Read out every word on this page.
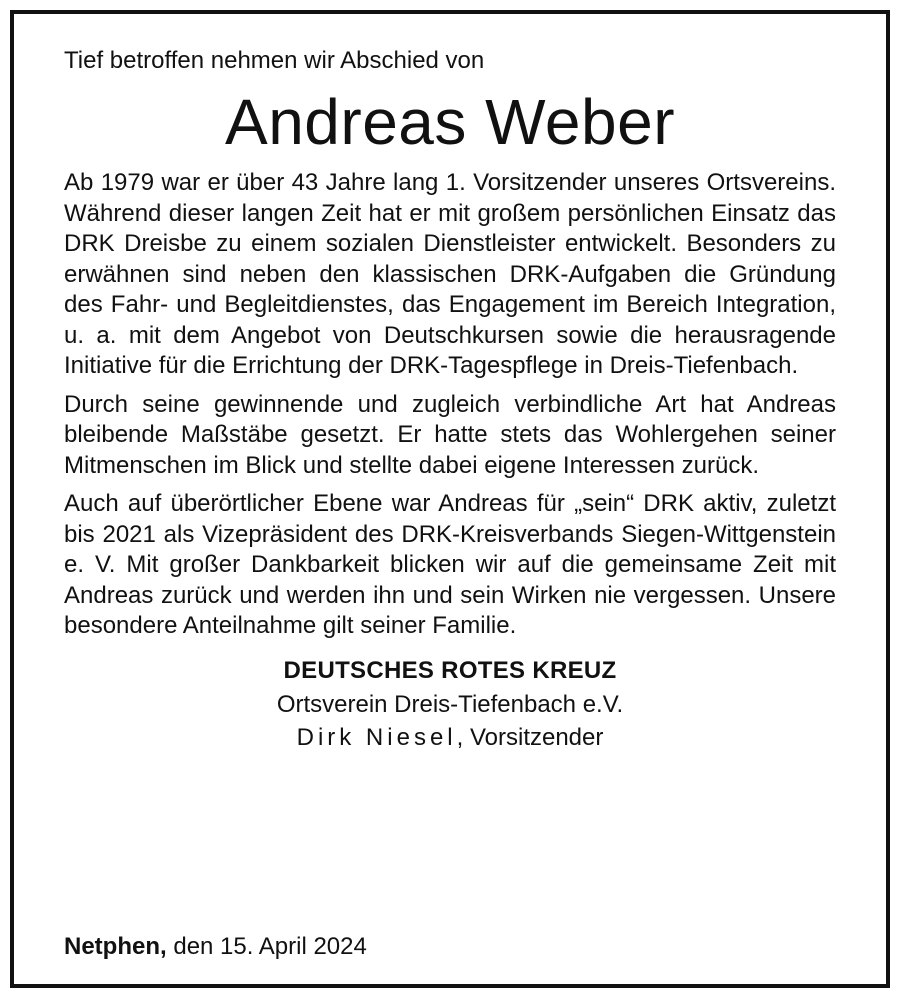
Tief betroffen nehmen wir Abschied von

Andreas Weber

Ab 1979 war er über 43 Jahre lang 1. Vorsitzender unseres Ortsvereins. Während dieser langen Zeit hat er mit großem persönlichen Einsatz das DRK Dreisbe zu einem sozialen Dienstleister entwickelt. Besonders zu erwähnen sind neben den klassischen DRK-Aufgaben die Gründung des Fahr- und Begleitdienstes, das Engagement im Bereich Integration, u. a. mit dem Angebot von Deutschkursen sowie die herausragende Initiative für die Errichtung der DRK-Tagespflege in Dreis-Tiefenbach.

Durch seine gewinnende und zugleich verbindliche Art hat Andreas bleibende Maßstäbe gesetzt. Er hatte stets das Wohlergehen seiner Mitmenschen im Blick und stellte dabei eigene Interessen zurück.

Auch auf überörtlicher Ebene war Andreas für „sein“ DRK aktiv, zuletzt bis 2021 als Vizepräsident des DRK-Kreisverbands Siegen-Wittgenstein e. V. Mit großer Dankbarkeit blicken wir auf die gemeinsame Zeit mit Andreas zurück und werden ihn und sein Wirken nie vergessen. Unsere besondere Anteilnahme gilt seiner Familie.

DEUTSCHES ROTES KREUZ
Ortsverein Dreis-Tiefenbach e.V.
Dirk Niesel, Vorsitzender
Netphen, den 15. April 2024
